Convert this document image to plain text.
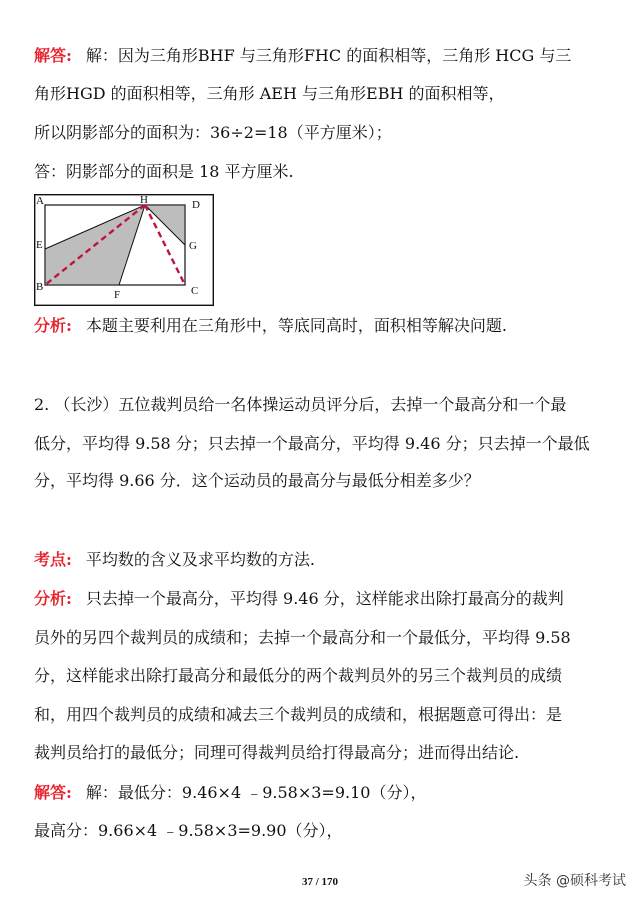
解答: 解：因为三角形BHF 与三角形FHC 的面积相等，三角形 HCG 与三
角形HGD 的面积相等，三角形 AEH 与三角形EBH 的面积相等，
所以阴影部分的面积为：36÷2=18（平方厘米）；
答：阴影部分的面积是 18 平方厘米.
A	H	D
E	G
B
F	C
分析: 本题主要利用在三角形中，等底同高时，面积相等解决问题.
2. （长沙）五位裁判员给一名体操运动员评分后，去掉一个最高分和一个最
低分，平均得 9.58 分；只去掉一个最高分，平均得 9.46 分；只去掉一个最低
分，平均得 9.66 分．这个运动员的最高分与最低分相差多少？
考点: 平均数的含义及求平均数的方法.
分析: 只去掉一个最高分，平均得 9.46 分，这样能求出除打最高分的裁判
员外的另四个裁判员的成绩和；去掉一个最高分和一个最低分，平均得 9.58
分，这样能求出除打最高分和最低分的两个裁判员外的另三个裁判员的成绩
和，用四个裁判员的成绩和减去三个裁判员的成绩和，根据题意可得出：是
裁判员给打的最低分；同理可得裁判员给打得最高分；进而得出结论.
解答: 解：最低分：9.46×4 ﹣9.58×3=9.10（分），
最高分：9.66×4 ﹣9.58×3=9.90（分），
37 / 170	头条 @硕科考试
